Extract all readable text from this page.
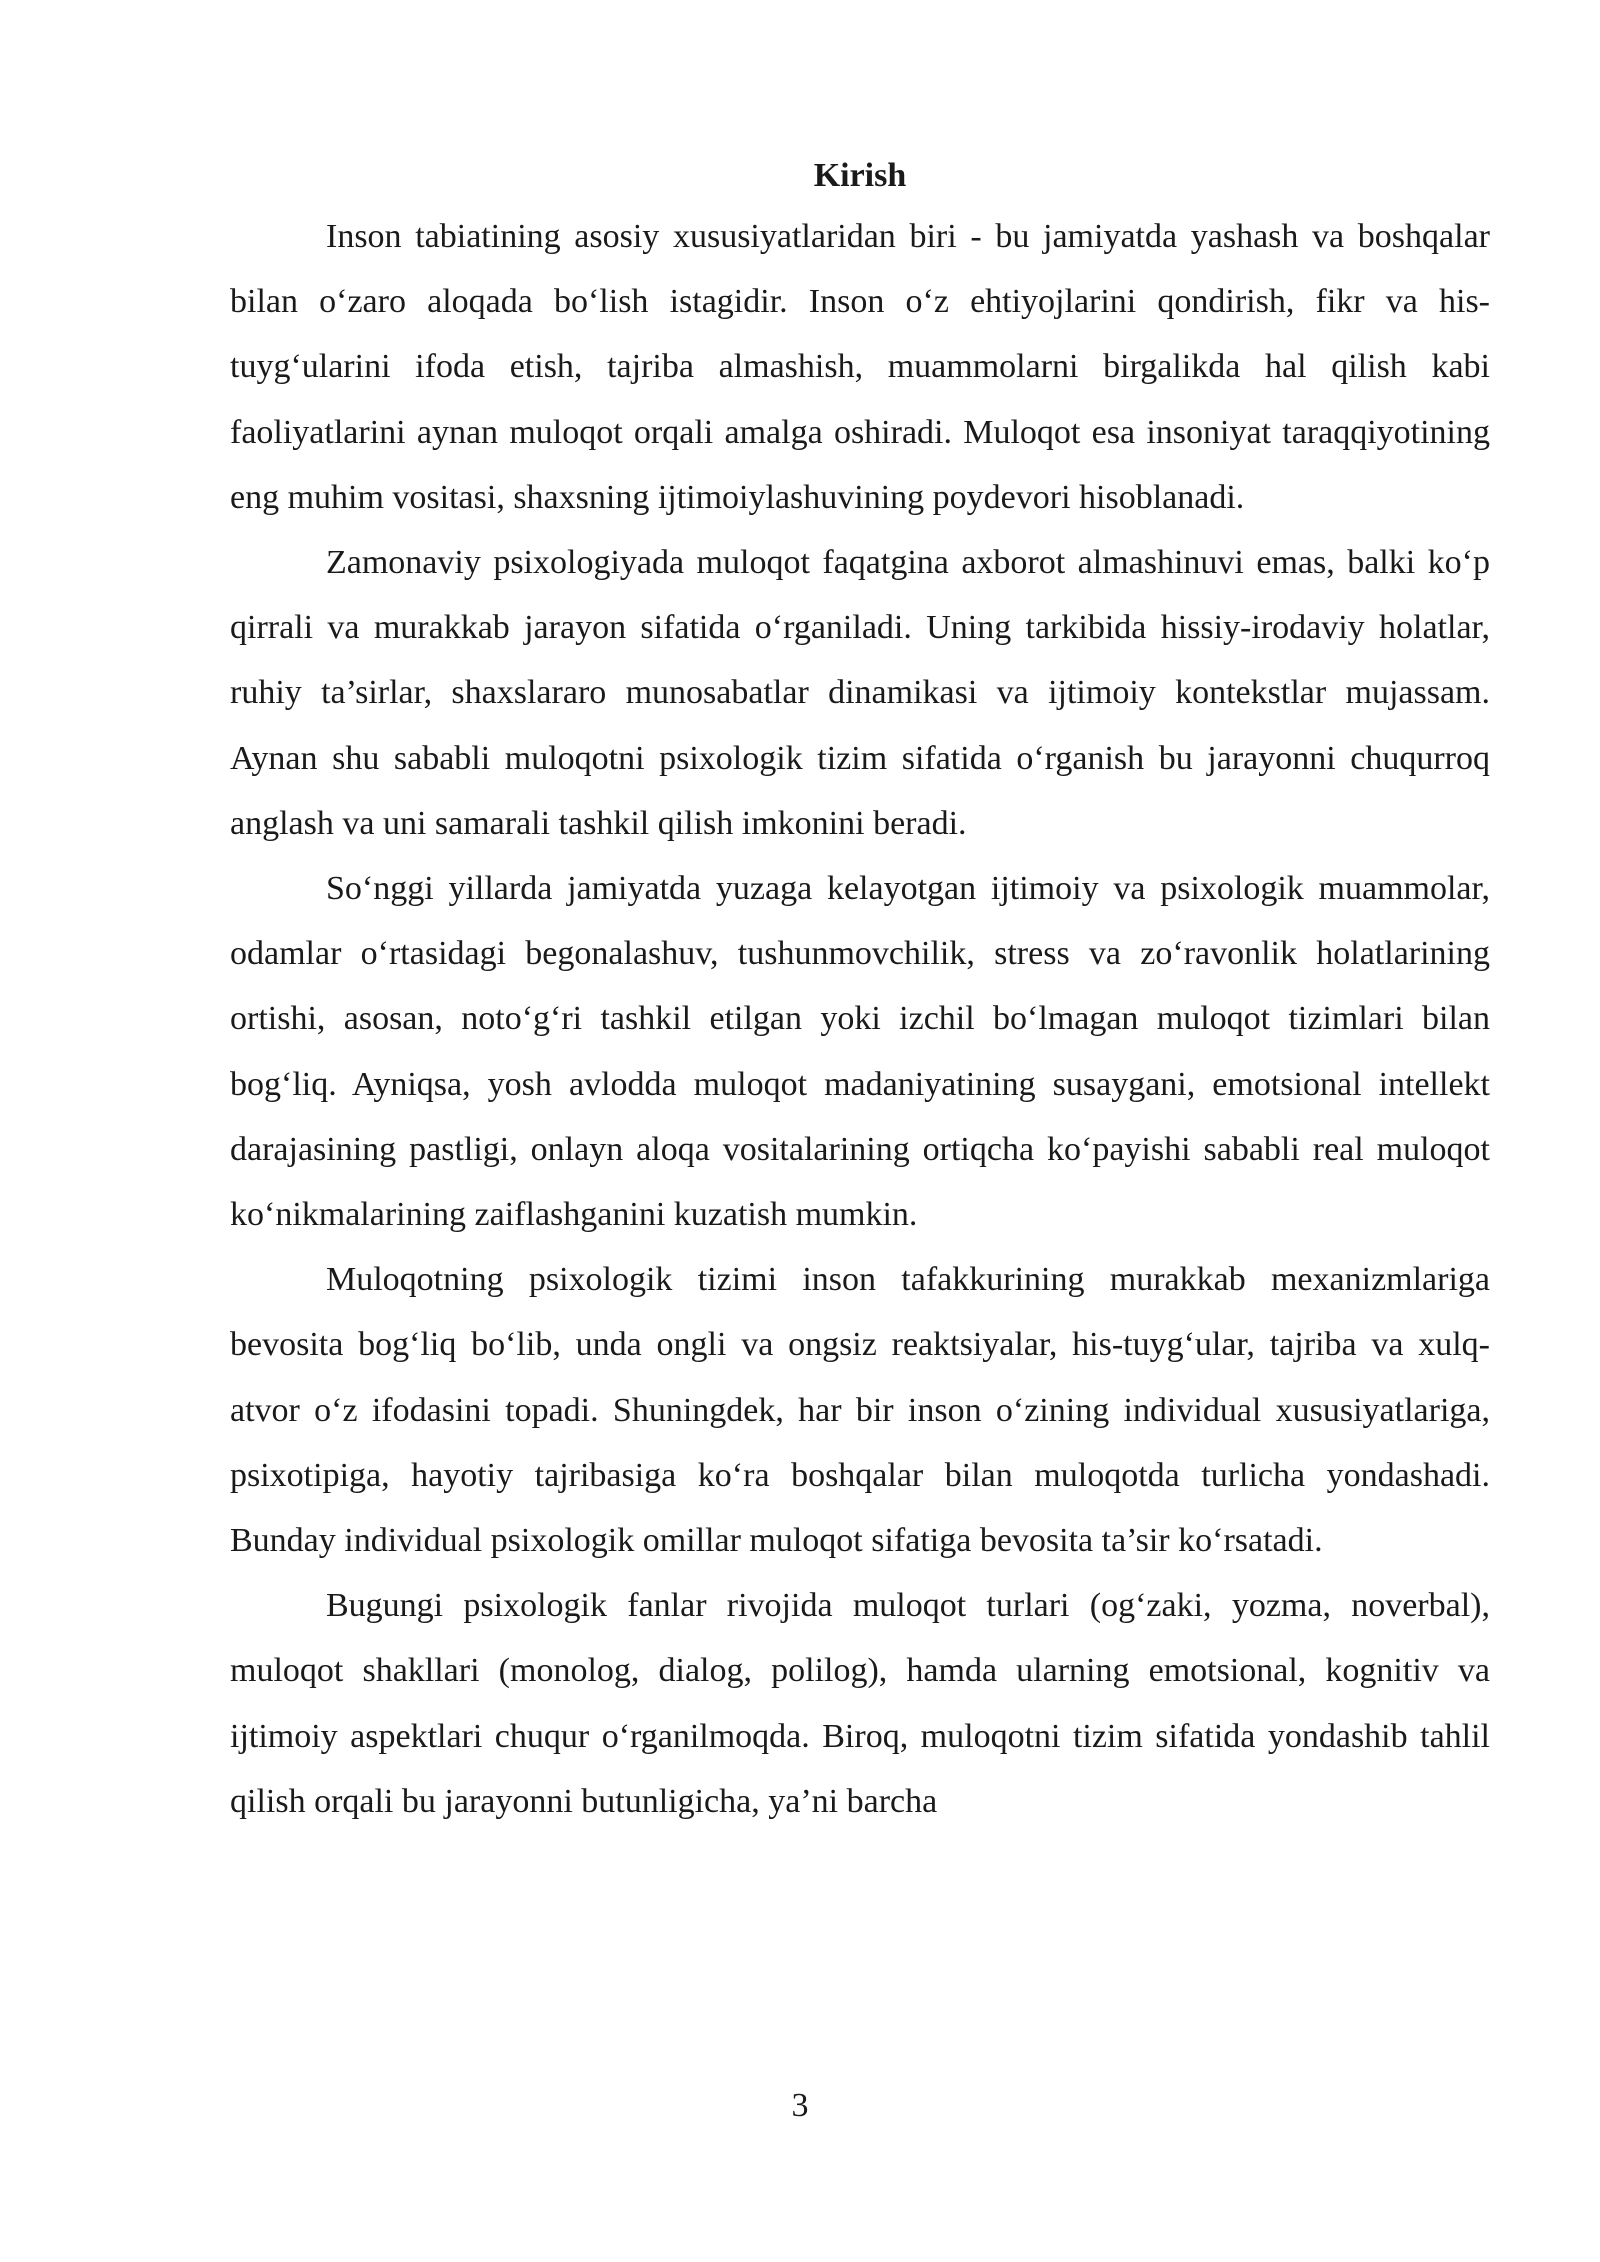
Kirish

Inson tabiatining asosiy xususiyatlaridan biri - bu jamiyatda yashash va boshqalar bilan o‘zaro aloqada bo‘lish istagidir. Inson o‘z ehtiyojlarini qondirish, fikr va his-tuyg‘ularini ifoda etish, tajriba almashish, muammolarni birgalikda hal qilish kabi faoliyatlarini aynan muloqot orqali amalga oshiradi. Muloqot esa insoniyat taraqqiyotining eng muhim vositasi, shaxsning ijtimoiylashuvining poydevori hisoblanadi.

Zamonaviy psixologiyada muloqot faqatgina axborot almashinuvi emas, balki ko‘p qirrali va murakkab jarayon sifatida o‘rganiladi. Uning tarkibida hissiy-irodaviy holatlar, ruhiy ta’sirlar, shaxslararo munosabatlar dinamikasi va ijtimoiy kontekstlar mujassam. Aynan shu sababli muloqotni psixologik tizim sifatida o‘rganish bu jarayonni chuqurroq anglash va uni samarali tashkil qilish imkonini beradi.

So‘nggi yillarda jamiyatda yuzaga kelayotgan ijtimoiy va psixologik muammolar, odamlar o‘rtasidagi begonalashuv, tushunmovchilik, stress va zo‘ravonlik holatlarining ortishi, asosan, noto‘g‘ri tashkil etilgan yoki izchil bo‘lmagan muloqot tizimlari bilan bog‘liq. Ayniqsa, yosh avlodda muloqot madaniyatining susaygani, emotsional intellekt darajasining pastligi, onlayn aloqa vositalarining ortiqcha ko‘payishi sababli real muloqot ko‘nikmalarining zaiflashganini kuzatish mumkin.

Muloqotning psixologik tizimi inson tafakkurining murakkab mexanizmlariga bevosita bog‘liq bo‘lib, unda ongli va ongsiz reaktsiyalar, his-tuyg‘ular, tajriba va xulq-atvor o‘z ifodasini topadi. Shuningdek, har bir inson o‘zining individual xususiyatlariga, psixotipiga, hayotiy tajribasiga ko‘ra boshqalar bilan muloqotda turlicha yondashadi. Bunday individual psixologik omillar muloqot sifatiga bevosita ta’sir ko‘rsatadi.

Bugungi psixologik fanlar rivojida muloqot turlari (og‘zaki, yozma, noverbal), muloqot shakllari (monolog, dialog, polilog), hamda ularning emotsional, kognitiv va ijtimoiy aspektlari chuqur o‘rganilmoqda. Biroq, muloqotni tizim sifatida yondashib tahlil qilish orqali bu jarayonni butunligicha, ya’ni barcha

3
